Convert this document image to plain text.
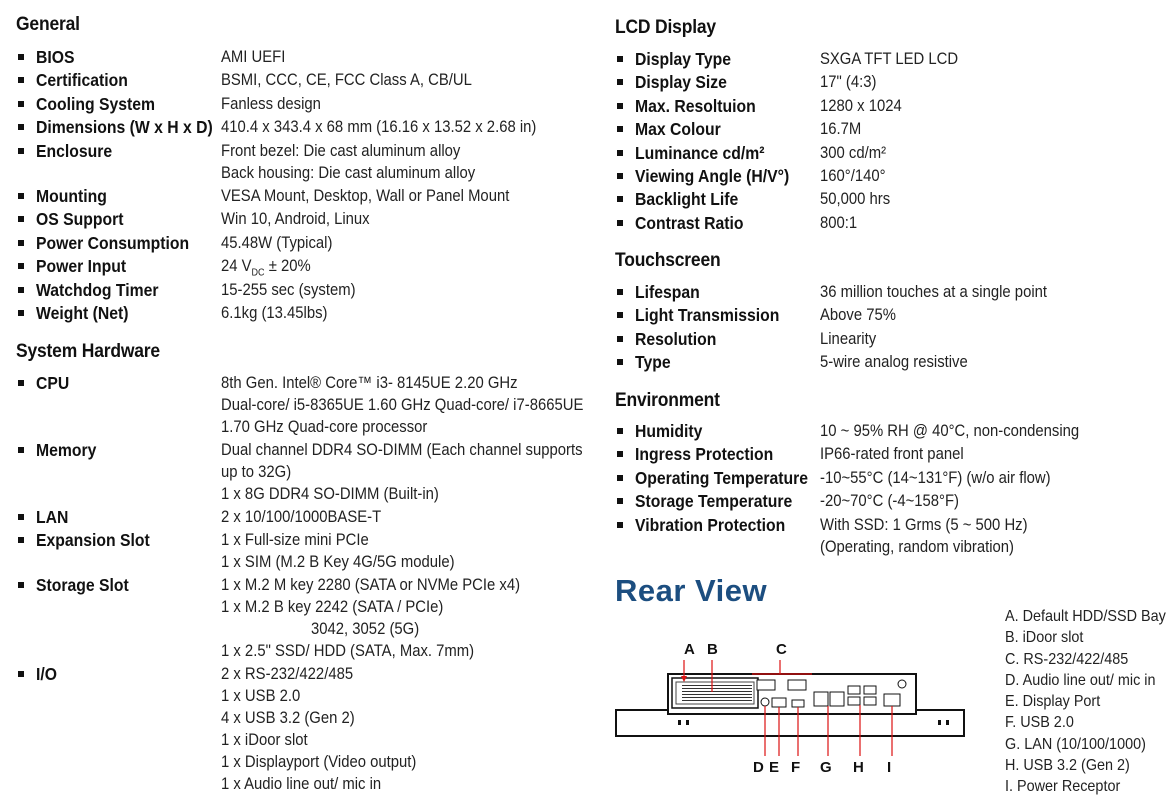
General
BIOS	AMI UEFI
Certification	BSMI, CCC, CE, FCC Class A, CB/UL
Cooling System	Fanless design
Dimensions (W x H x D) 410.4 x 343.4 x 68 mm (16.16 x 13.52 x 2.68 in)
Enclosure	Front bezel: Die cast aluminum alloy
Back housing: Die cast aluminum alloy
Mounting	VESA Mount, Desktop, Wall or Panel Mount
OS Support	Win 10, Android, Linux
Power Consumption 45.48W (Typical)
Power Input	24 $V_{DC} \pm 20\%$
Watchdog Timer	15-255 sec (system)
Weight (Net)	6.1kg (13.45lbs)
System Hardware
CPU	8th Gen. Intel® Core™ i3- 8145UE 2.20 GHz
Dual-core/ i5-8365UE 1.60 GHz Quad-core/ i7-8665UE
1.70 GHz Quad-core processor
Memory	Dual channel DDR4 SO-DIMM (Each channel supports
up to 32G)
1 x 8G DDR4 SO-DIMM (Built-in)
LAN	2 x 10/100/1000BASE-T
Expansion Slot	1 x Full-size mini PCIe
1 x SIM (M.2 B Key 4G/5G module)
Storage Slot	1 x M.2 M key 2280 (SATA or NVMe PCIe x4)
1 x M.2 B key 2242 (SATA / PCIe)
3042, 3052 (5G)
1 x 2.5" SSD/ HDD (SATA, Max. 7mm)
I/O	2 x RS-232/422/485
1 x USB 2.0
4 x USB 3.2 (Gen 2)
1 x iDoor slot
1 x Displayport (Video output)
1 x Audio line out/ mic in
LCD Display
Display Type	SXGA TFT LED LCD
Display Size	17" (4:3)
Max. Resoltuion	1280 x 1024
Max Colour	16.7M
Luminance cd/m²	300 cd/m²
Viewing Angle (H/V°) 160°/140°
Backlight Life	50,000 hrs
Contrast Ratio	800:1
Touchscreen
Lifespan	36 million touches at a single point
Light Transmission Above 75%
Resolution	Linearity
Type	5-wire analog resistive
Environment
Humidity	10 ~ 95% RH @ 40°C, non-condensing
Ingress Protection	IP66-rated front panel
Operating Temperature -10~55°C (14~131°F) (w/o air flow)
Storage Temperature -20~70°C (-4~158°F)
Vibration Protection With SSD: 1 Grms (5 ~ 500 Hz)
(Operating, random vibration)
Rear View
A B	C
D E F G H I
A. Default HDD/SSD Bay
B. iDoor slot
C. RS-232/422/485
D. Audio line out/ mic in
E. Display Port
F. USB 2.0
G. LAN (10/100/1000)
H. USB 3.2 (Gen 2)
I. Power Receptor
